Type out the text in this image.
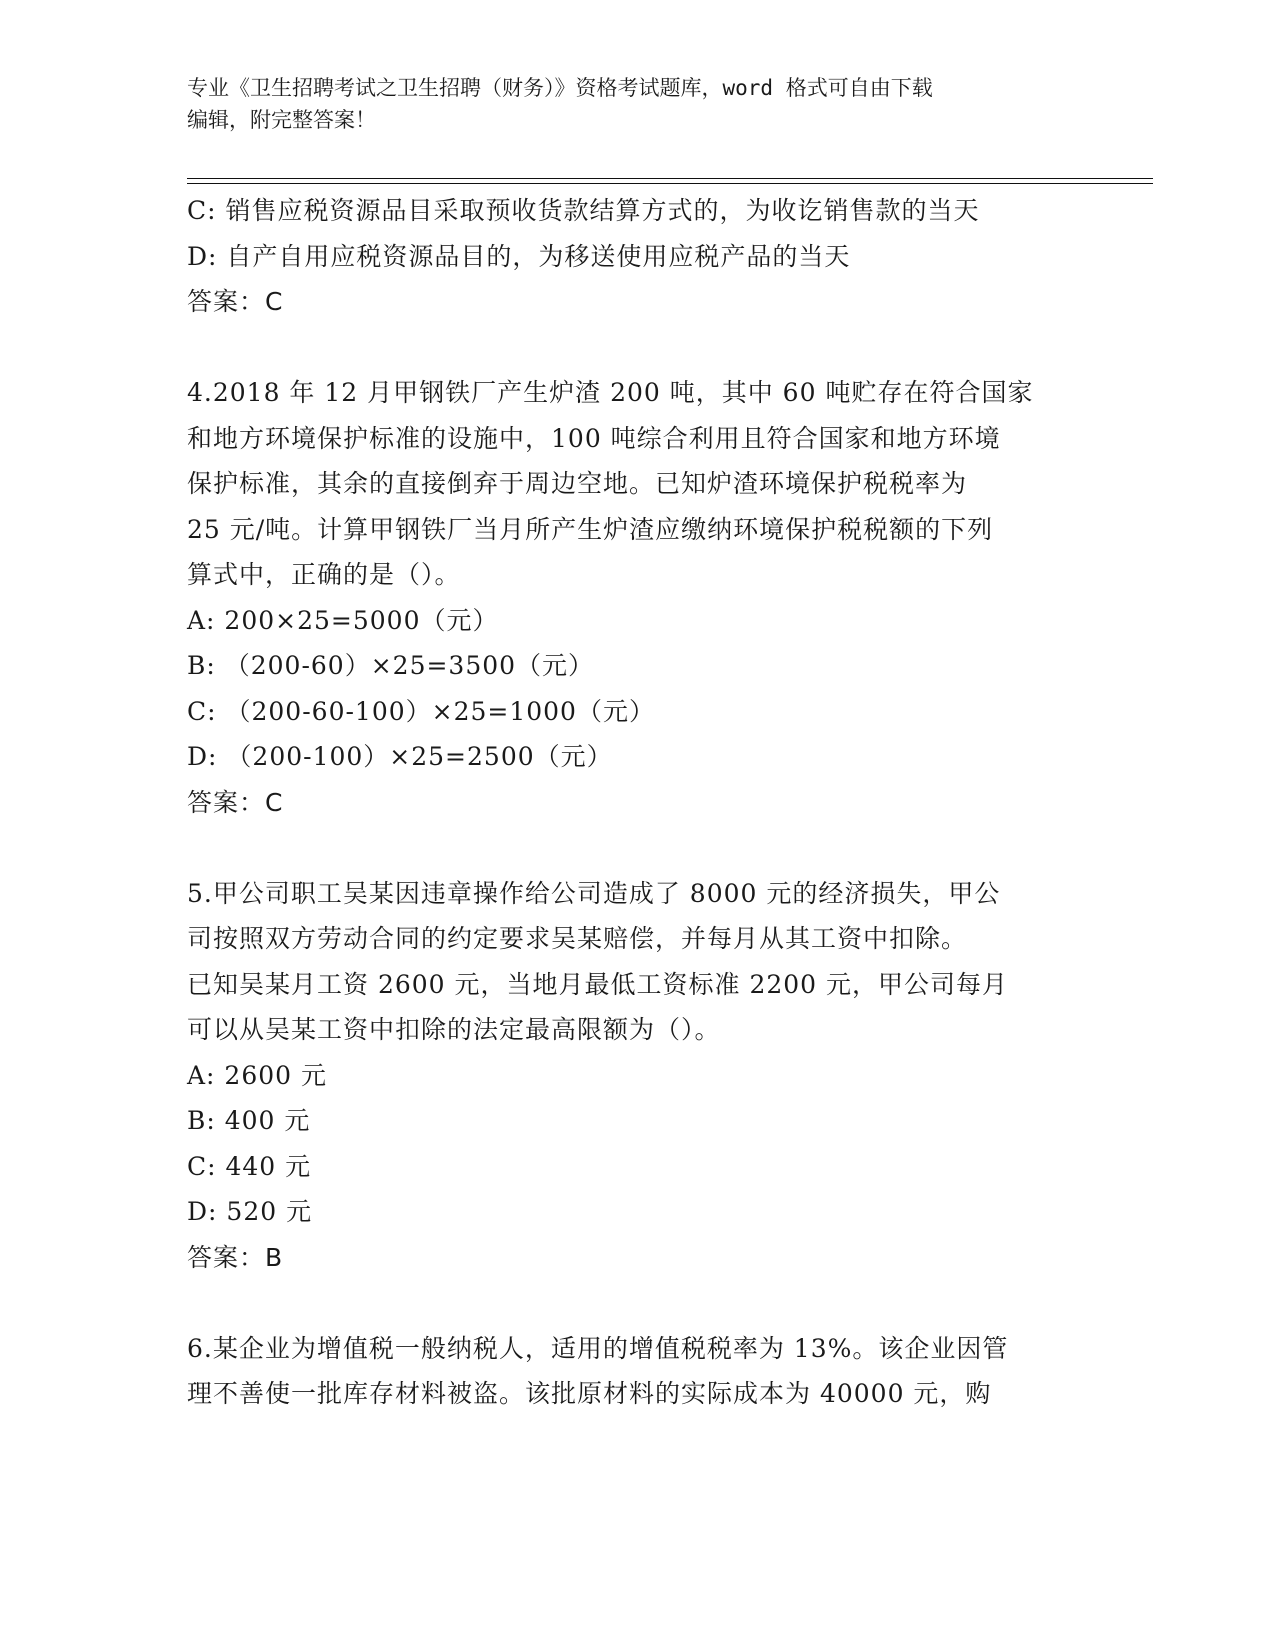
专业《卫生招聘考试之卫生招聘（财务）》资格考试题库，word 格式可自由下载
编辑，附完整答案！
C: 销售应税资源品目采取预收货款结算方式的，为收讫销售款的当天
D: 自产自用应税资源品目的，为移送使用应税产品的当天
答案：C
4.2018 年 12 月甲钢铁厂产生炉渣 200 吨，其中 60 吨贮存在符合国家
和地方环境保护标准的设施中，100 吨综合利用且符合国家和地方环境
保护标准，其余的直接倒弃于周边空地。已知炉渣环境保护税税率为
25 元/吨。计算甲钢铁厂当月所产生炉渣应缴纳环境保护税税额的下列
算式中，正确的是（）。
A: 200×25=5000（元）
B: （200-60）×25=3500（元）
C: （200-60-100）×25=1000（元）
D: （200-100）×25=2500（元）
答案：C
5.甲公司职工吴某因违章操作给公司造成了 8000 元的经济损失，甲公
司按照双方劳动合同的约定要求吴某赔偿，并每月从其工资中扣除。
已知吴某月工资 2600 元，当地月最低工资标准 2200 元，甲公司每月
可以从吴某工资中扣除的法定最高限额为（）。
A: 2600 元
B: 400 元
C: 440 元
D: 520 元
答案：B
6.某企业为增值税一般纳税人，适用的增值税税率为 13%。该企业因管
理不善使一批库存材料被盗。该批原材料的实际成本为 40000 元，购
